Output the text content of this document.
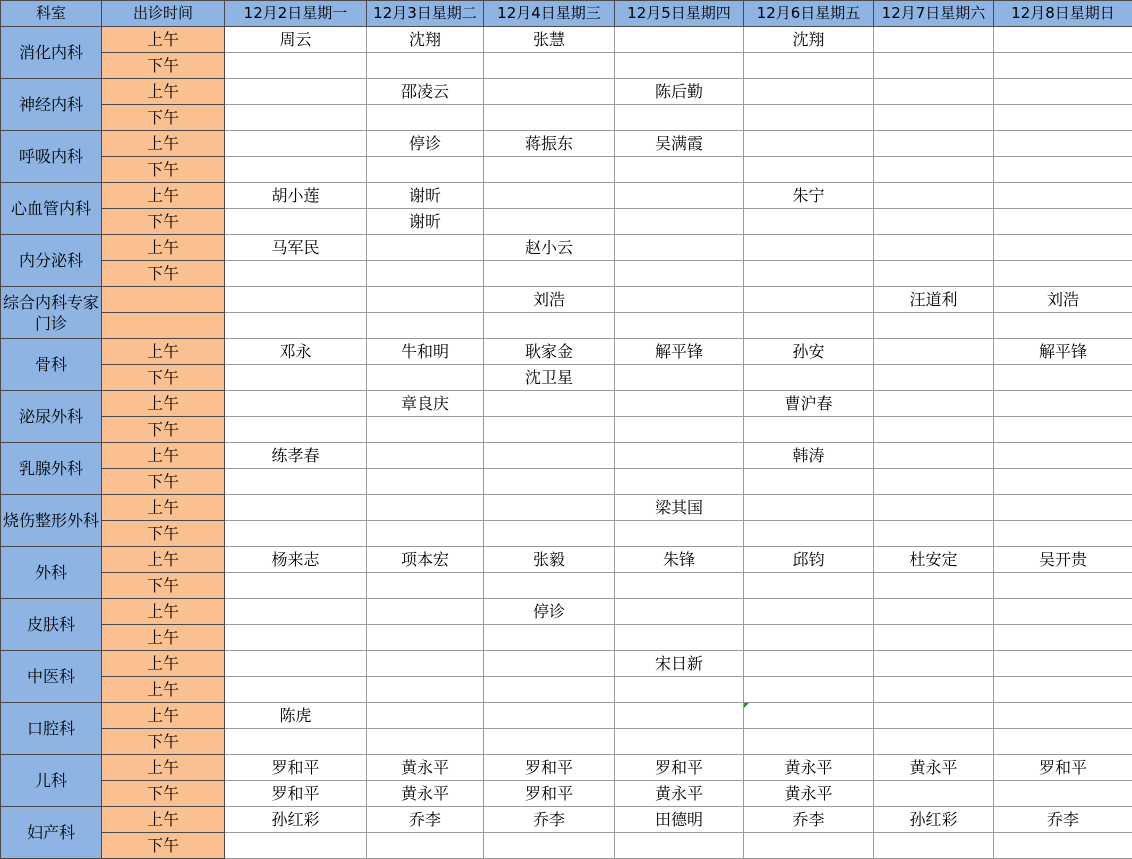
科室	出诊时间	12月2日星期一	12月3日星期二	12月4日星期三	12月5日星期四	12月6日星期五	12月7日星期六	12月8日星期日
消化内科	上午	周云	沈翔	张慧		沈翔		
	下午							
神经内科	上午		邵凌云		陈后勤			
	下午							
呼吸内科	上午		停诊	蒋振东	吴满霞			
	下午							
心血管内科	上午	胡小莲	谢昕			朱宁		
	下午		谢昕					
内分泌科	上午	马军民		赵小云				
	下午							
综合内科专家门诊				刘浩			汪道利	刘浩

骨科	上午	邓永	牛和明	耿家金	解平锋	孙安		解平锋
	下午			沈卫星				
泌尿外科	上午		章良庆			曹沪春		
	下午							
乳腺外科	上午	练孝春				韩涛		
	下午							
烧伤整形外科	上午				梁其国			
	下午							
外科	上午	杨来志	项本宏	张毅	朱锋	邱钧	杜安定	吴开贵
	下午							
皮肤科	上午			停诊				
	上午							
中医科	上午				宋日新			
	上午							
口腔科	上午	陈虎						
	下午							
儿科	上午	罗和平	黄永平	罗和平	罗和平	黄永平	黄永平	罗和平
	下午	罗和平	黄永平	罗和平	黄永平	黄永平		
妇产科	上午	孙红彩	乔李	乔李	田德明	乔李	孙红彩	乔李
	下午							
